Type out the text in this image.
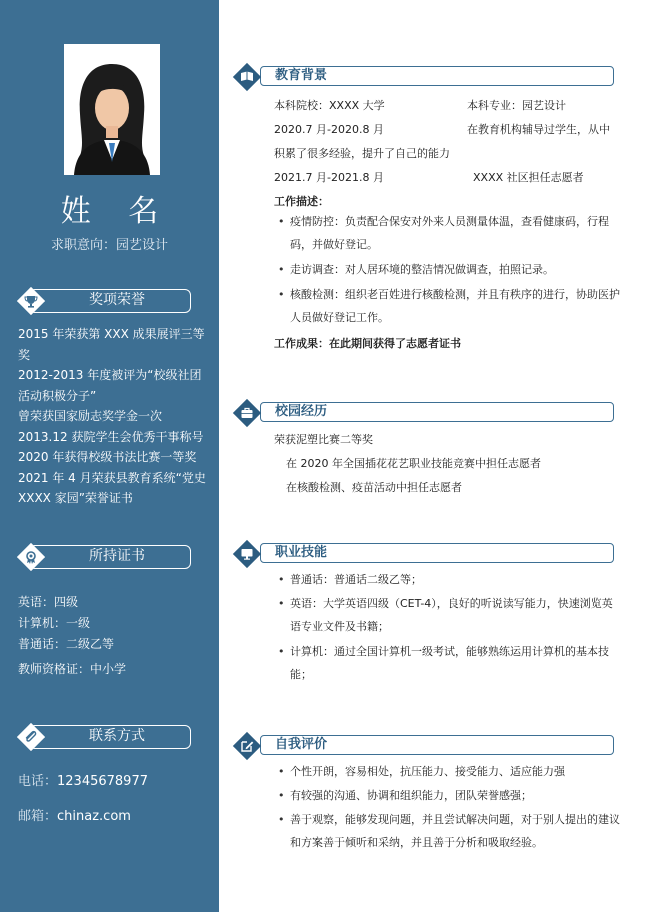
姓 名
求职意向：园艺设计
奖项荣誉
2015 年荣获第 XXX 成果展评三等奖
2012-2013 年度被评为“校级社团
活动积极分子”
曾荣获国家励志奖学金一次
2013.12 获院学生会优秀干事称号
2020 年获得校级书法比赛一等奖
2021 年 4 月荣获县教育系统“党史
XXXX 家园”荣誉证书
所持证书
英语：四级
计算机：一级
普通话：二级乙等
教师资格证：中小学
联系方式
电话：12345678977
邮箱：chinaz.com
教育背景
本科院校：XXXX 大学	本科专业：园艺设计
2020.7 月-2020.8 月	在教育机构辅导过学生，从中
积累了很多经验，提升了自己的能力
2021.7 月-2021.8 月	XXXX 社区担任志愿者
工作描述：
• 疫情防控：负责配合保安对外来人员测量体温，查看健康码，行程码，并做好登记。
• 走访调查：对人居环境的整洁情况做调查，拍照记录。
• 核酸检测：组织老百姓进行核酸检测，并且有秩序的进行，协助医护人员做好登记工作。
工作成果：在此期间获得了志愿者证书
校园经历
荣获泥塑比赛二等奖
在 2020 年全国插花花艺职业技能竞赛中担任志愿者
在核酸检测、疫苗活动中担任志愿者
职业技能
• 普通话：普通话二级乙等；
• 英语：大学英语四级（CET-4），良好的听说读写能力，快速浏览英语专业文件及书籍；
• 计算机：通过全国计算机一级考试，能够熟练运用计算机的基本技能；
自我评价
• 个性开朗，容易相处，抗压能力、接受能力、适应能力强
• 有较强的沟通、协调和组织能力，团队荣誉感强；
• 善于观察，能够发现问题，并且尝试解决问题，对于别人提出的建议和方案善于倾听和采纳，并且善于分析和吸取经验。
